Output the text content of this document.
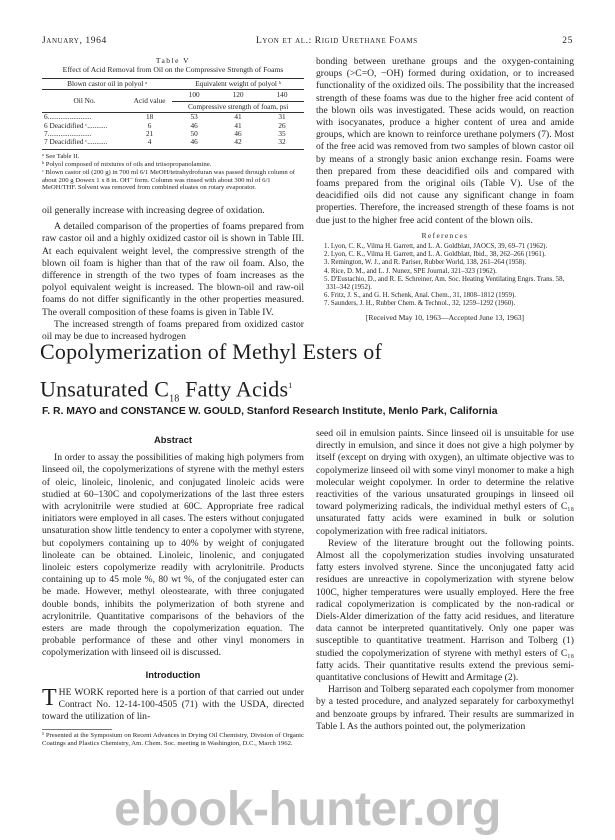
January, 1964	Lyon et al.: Rigid Urethane Foams	25
Table V
Effect of Acid Removal from Oil on the Compressive Strength of Foams
Blown castor oil in polyol ᵃ		Equivalent weight of polyol ᵇ		
Oil No.	Acid value	100	120	140
		Compressive strength of foam, psi		
6........................	18	53	41	31
6 Deacidified ᶜ...........	6	46	41	26
7........................	21	50	46	35
7 Deacidified ᶜ...........	4	46	42	32
ᵃ See Table II.
ᵇ Polyol composed of mixtures of oils and triisopropanolamine.
ᶜ Blown castor oil (200 g) in 700 ml 6/1 MeOH/tetrahydrofuran was passed through column of about 200 g Dowex 1 x 8 in. OH⁻ form. Column was rinsed with about 300 ml of 6/1 MeOH/THF. Solvent was removed from combined eluates on rotary evaporator.

oil generally increase with increasing degree of oxidation.

A detailed comparison of the properties of foams prepared from raw castor oil and a highly oxidized castor oil is shown in Table III. At each equivalent weight level, the compressive strength of the blown oil foam is higher than that of the raw oil foam. Also, the difference in strength of the two types of foam increases as the polyol equivalent weight is increased. The blown-oil and raw-oil foams do not differ significantly in the other properties measured. The overall composition of these foams is given in Table IV.

The increased strength of foams prepared from oxidized castor oil may be due to increased hydrogen

bonding between urethane groups and the oxygen-containing groups (>C=O, −OH) formed during oxidation, or to increased functionality of the oxidized oils. The possibility that the increased strength of these foams was due to the higher free acid content of the blown oils was investigated. These acids would, on reaction with isocyanates, produce a higher content of urea and amide groups, which are known to reinforce urethane polymers (7). Most of the free acid was removed from two samples of blown castor oil by means of a strongly basic anion exchange resin. Foams were then prepared from these deacidified oils and compared with foams prepared from the original oils (Table V). Use of the deacidified oils did not cause any significant change in foam properties. Therefore, the increased strength of these foams is not due just to the higher free acid content of the blown oils.

References
1. Lyon, C. K., Vilma H. Garrett, and L. A. Goldblatt, JAOCS, 39, 69–71 (1962).
2. Lyon, C. K., Vilma H. Garrett, and L. A. Goldblatt, Ibid., 38, 262–266 (1961).
3. Remington, W. J., and R. Pariser, Rubber World, 138, 261–264 (1958).
4. Rice, D. M., and L. J. Nunez, SPE Journal, 321–323 (1962).
5. D'Eustachio, D., and R. E. Schreiner, Am. Soc. Heating Ventilating Engrs. Trans. 58, 331–342 (1952).
6. Fritz, J. S., and G. H. Schenk, Anal. Chem., 31, 1808–1812 (1959).
7. Saunders, J. H., Rubber Chem. & Technol., 32, 1259–1292 (1960).
[Received May 10, 1963—Accepted June 13, 1963]
Copolymerization of Methyl Esters of
Unsaturated $C_{18}$ Fatty Acids$^1$
F. R. MAYO and CONSTANCE W. GOULD, Stanford Research Institute, Menlo Park, California
Abstract

In order to assay the possibilities of making high polymers from linseed oil, the copolymerizations of styrene with the methyl esters of oleic, linoleic, linolenic, and conjugated linoleic acids were studied at 60–130C and copolymerizations of the last three esters with acrylonitrile were studied at 60C. Appropriate free radical initiators were employed in all cases. The esters without conjugated unsaturation show little tendency to enter a copolymer with styrene, but copolymers containing up to 40% by weight of conjugated linoleate can be obtained. Linoleic, linolenic, and conjugated linoleic esters copolymerize readily with acrylonitrile. Products containing up to 45 mole %, 80 wt %, of the conjugated ester can be made. However, methyl oleostearate, with three conjugated double bonds, inhibits the polymerization of both styrene and acrylonitrile. Quantitative comparisons of the behaviors of the esters are made through the copolymerization equation. The probable performance of these and other vinyl monomers in copolymerization with linseed oil is discussed.

Introduction

THE WORK reported here is a portion of that carried out under Contract No. 12-14-100-4505 (71) with the USDA, directed toward the utilization of lin-

¹ Presented at the Symposium on Recent Advances in Drying Oil Chemistry, Division of Organic Coatings and Plastics Chemistry, Am. Chem. Soc. meeting in Washington, D.C., March 1962.

seed oil in emulsion paints. Since linseed oil is unsuitable for use directly in emulsion, and since it does not give a high polymer by itself (except on drying with oxygen), an ultimate objective was to copolymerize linseed oil with some vinyl monomer to make a high molecular weight copolymer. In order to determine the relative reactivities of the various unsaturated groupings in linseed oil toward polymerizing radicals, the individual methyl esters of C₁₈ unsaturated fatty acids were examined in bulk or solution copolymerization with free radical initiators.

Review of the literature brought out the following points. Almost all the copolymerization studies involving unsaturated fatty esters involved styrene. Since the unconjugated fatty acid residues are unreactive in copolymerization with styrene below 100C, higher temperatures were usually employed. Here the free radical copolymerization is complicated by the non-radical or Diels-Alder dimerization of the fatty acid residues, and literature data cannot be interpreted quantitatively. Only one paper was susceptible to quantitative treatment. Harrison and Tolberg (1) studied the copolymerization of styrene with methyl esters of C₁₈ fatty acids. Their quantitative results extend the previous semi-quantitative conclusions of Hewitt and Armitage (2).

Harrison and Tolberg separated each copolymer from monomer by a tested procedure, and analyzed separately for carboxymethyl and benzoate groups by infrared. Their results are summarized in Table I. As the authors pointed out, the polymerization

ebook-hunter.org
